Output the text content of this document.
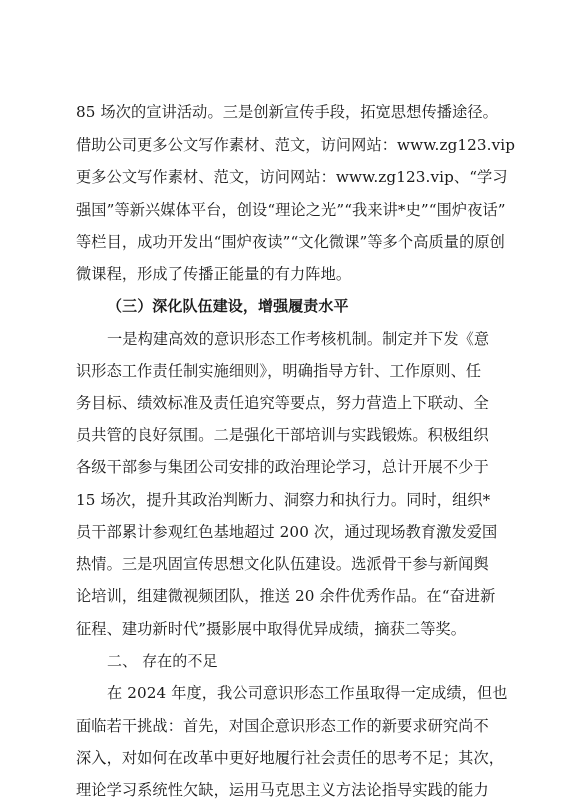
85 场次的宣讲活动。三是创新宣传手段，拓宽思想传播途径。
借助公司更多公文写作素材、范文，访问网站：www.zg123.vip
更多公文写作素材、范文，访问网站：www.zg123.vip、“学习
强国”等新兴媒体平台，创设“理论之光”“我来讲*史”“围炉夜话”
等栏目，成功开发出“围炉夜读”“文化微课”等多个高质量的原创
微课程，形成了传播正能量的有力阵地。
（三）深化队伍建设，增强履责水平
一是构建高效的意识形态工作考核机制。制定并下发《意
识形态工作责任制实施细则》，明确指导方针、工作原则、任
务目标、绩效标准及责任追究等要点，努力营造上下联动、全
员共管的良好氛围。二是强化干部培训与实践锻炼。积极组织
各级干部参与集团公司安排的政治理论学习，总计开展不少于
15 场次，提升其政治判断力、洞察力和执行力。同时，组织*
员干部累计参观红色基地超过 200 次，通过现场教育激发爱国
热情。三是巩固宣传思想文化队伍建设。选派骨干参与新闻舆
论培训，组建微视频团队，推送 20 余件优秀作品。在“奋进新
征程、建功新时代”摄影展中取得优异成绩，摘获二等奖。
二、 存在的不足
在 2024 年度，我公司意识形态工作虽取得一定成绩，但也
面临若干挑战：首先，对国企意识形态工作的新要求研究尚不
深入，对如何在改革中更好地履行社会责任的思考不足；其次，
理论学习系统性欠缺，运用马克思主义方法论指导实践的能力
